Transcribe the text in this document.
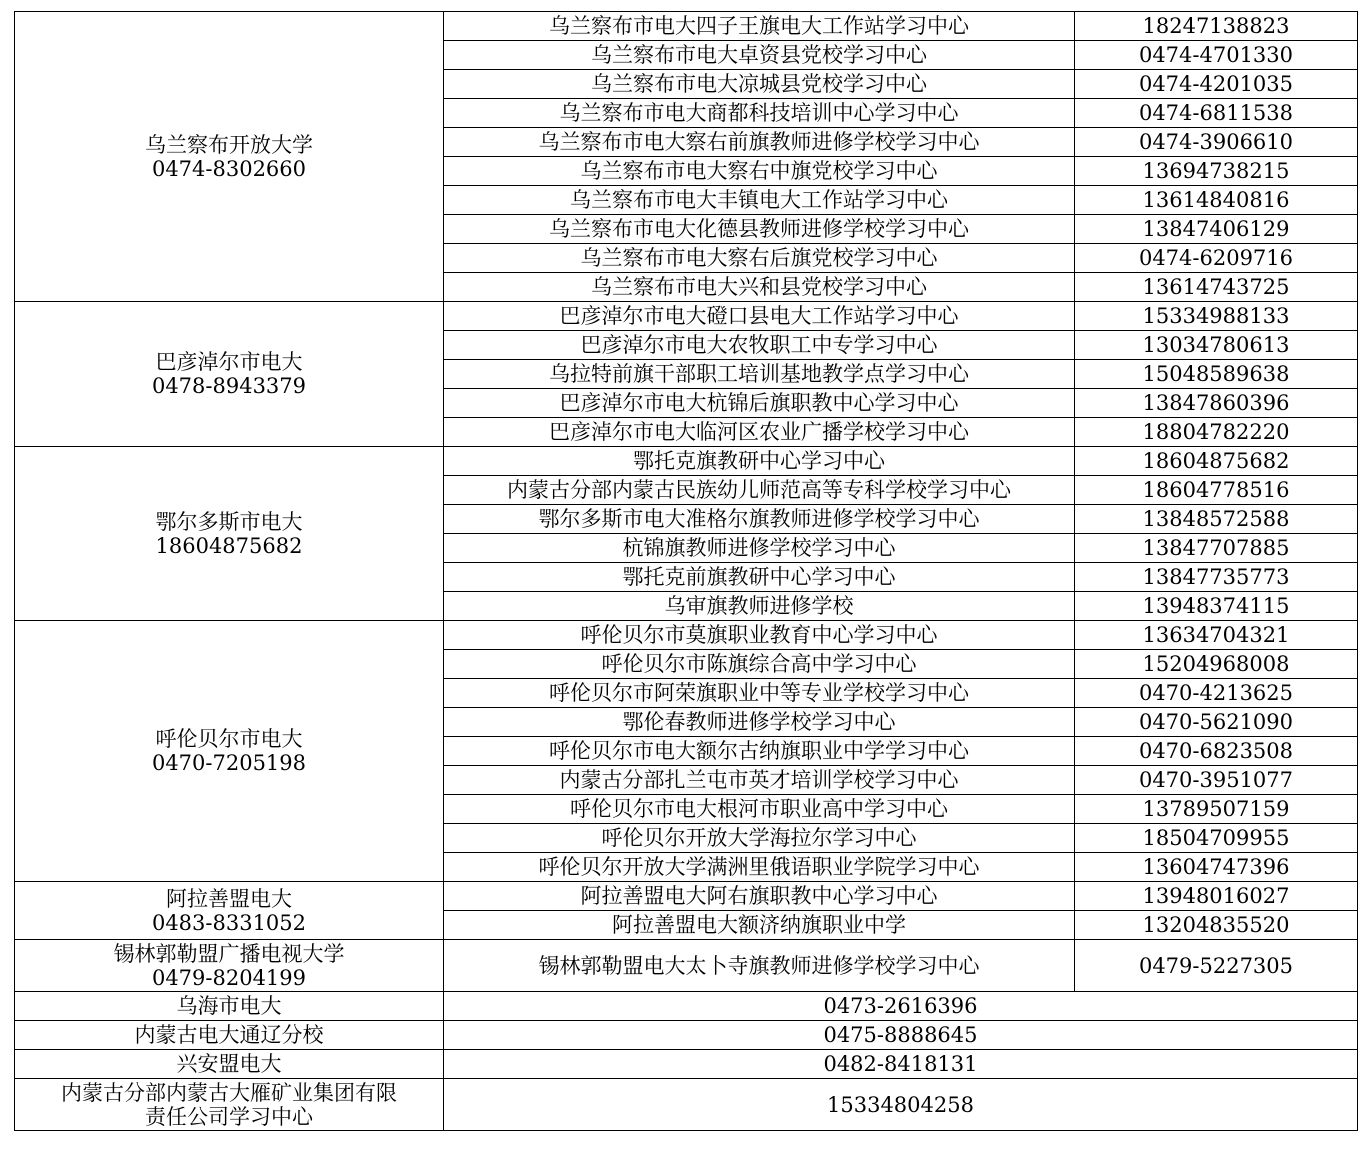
乌兰察布开放大学
0474-8302660	乌兰察布市电大四子王旗电大工作站学习中心	18247138823
	乌兰察布市电大卓资县党校学习中心	0474-4701330
	乌兰察布市电大凉城县党校学习中心	0474-4201035
	乌兰察布市电大商都科技培训中心学习中心	0474-6811538
	乌兰察布市电大察右前旗教师进修学校学习中心	0474-3906610
	乌兰察布市电大察右中旗党校学习中心	13694738215
	乌兰察布市电大丰镇电大工作站学习中心	13614840816
	乌兰察布市电大化德县教师进修学校学习中心	13847406129
	乌兰察布市电大察右后旗党校学习中心	0474-6209716
	乌兰察布市电大兴和县党校学习中心	13614743725

巴彦淖尔市电大
0478-8943379	巴彦淖尔市电大磴口县电大工作站学习中心	15334988133
	巴彦淖尔市电大农牧职工中专学习中心	13034780613
	乌拉特前旗干部职工培训基地教学点学习中心	15048589638
	巴彦淖尔市电大杭锦后旗职教中心学习中心	13847860396
	巴彦淖尔市电大临河区农业广播学校学习中心	18804782220

鄂尔多斯市电大
18604875682	鄂托克旗教研中心学习中心	18604875682
	内蒙古分部内蒙古民族幼儿师范高等专科学校学习中心	18604778516
	鄂尔多斯市电大准格尔旗教师进修学校学习中心	13848572588
	杭锦旗教师进修学校学习中心	13847707885
	鄂托克前旗教研中心学习中心	13847735773
	乌审旗教师进修学校	13948374115

呼伦贝尔市电大
0470-7205198	呼伦贝尔市莫旗职业教育中心学习中心	13634704321
	呼伦贝尔市陈旗综合高中学习中心	15204968008
	呼伦贝尔市阿荣旗职业中等专业学校学习中心	0470-4213625
	鄂伦春教师进修学校学习中心	0470-5621090
	呼伦贝尔市电大额尔古纳旗职业中学学习中心	0470-6823508
	内蒙古分部扎兰屯市英才培训学校学习中心	0470-3951077
	呼伦贝尔市电大根河市职业高中学习中心	13789507159
	呼伦贝尔开放大学海拉尔学习中心	18504709955
	呼伦贝尔开放大学满洲里俄语职业学院学习中心	13604747396

阿拉善盟电大
0483-8331052	阿拉善盟电大阿右旗职教中心学习中心	13948016027
	阿拉善盟电大额济纳旗职业中学	13204835520

锡林郭勒盟广播电视大学
0479-8204199	锡林郭勒盟电大太卜寺旗教师进修学校学习中心	0479-5227305

乌海市电大	0473-2616396	

内蒙古电大通辽分校	0475-8888645	

兴安盟电大	0482-8418131	

内蒙古分部内蒙古大雁矿业集团有限
责任公司学习中心	15334804258	
